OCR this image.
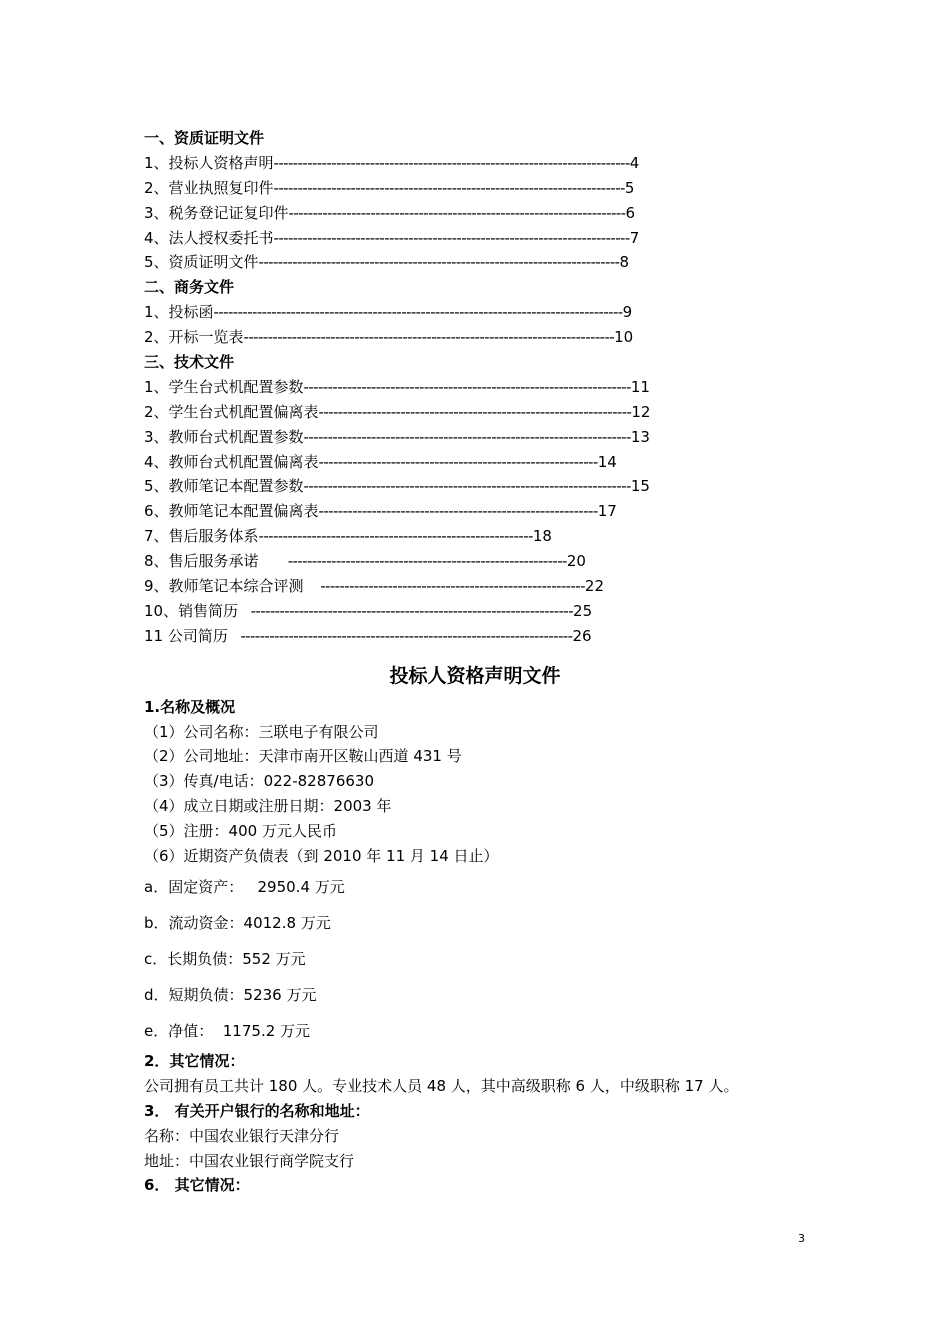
一、资质证明文件
1、投标人资格声明--------------------------------------------------------------------------4
2、营业执照复印件-------------------------------------------------------------------------5
3、税务登记证复印件----------------------------------------------------------------------6
4、法人授权委托书--------------------------------------------------------------------------7
5、资质证明文件---------------------------------------------------------------------------8
二、商务文件
1、投标函-------------------------------------------------------------------------------------9
2、开标一览表-----------------------------------------------------------------------------10
三、技术文件
1、学生台式机配置参数--------------------------------------------------------------------11
2、学生台式机配置偏离表-----------------------------------------------------------------12
3、教师台式机配置参数--------------------------------------------------------------------13
4、教师台式机配置偏离表----------------------------------------------------------14
5、教师笔记本配置参数--------------------------------------------------------------------15
6、教师笔记本配置偏离表----------------------------------------------------------17
7、售后服务体系---------------------------------------------------------18
8、售后服务承诺       ----------------------------------------------------------20
9、教师笔记本综合评测    -------------------------------------------------------22
10、销售简历   -------------------------------------------------------------------25
11 公司简历   ---------------------------------------------------------------------26
投标人资格声明文件
1.名称及概况
（1）公司名称：三联电子有限公司
（2）公司地址：天津市南开区鞍山西道 431 号
（3）传真/电话：022-82876630
（4）成立日期或注册日期：2003 年
（5）注册：400 万元人民币
（6）近期资产负债表（到 2010 年 11 月 14 日止）
a．固定资产：   2950.4 万元
b．流动资金：4012.8 万元
c．长期负债：552 万元
d．短期负债：5236 万元
e．净值：  1175.2 万元
2．其它情况：
公司拥有员工共计 180 人。专业技术人员 48 人，其中高级职称 6 人，中级职称 17 人。
3． 有关开户银行的名称和地址：
名称：中国农业银行天津分行
地址：中国农业银行商学院支行
6． 其它情况：
3
